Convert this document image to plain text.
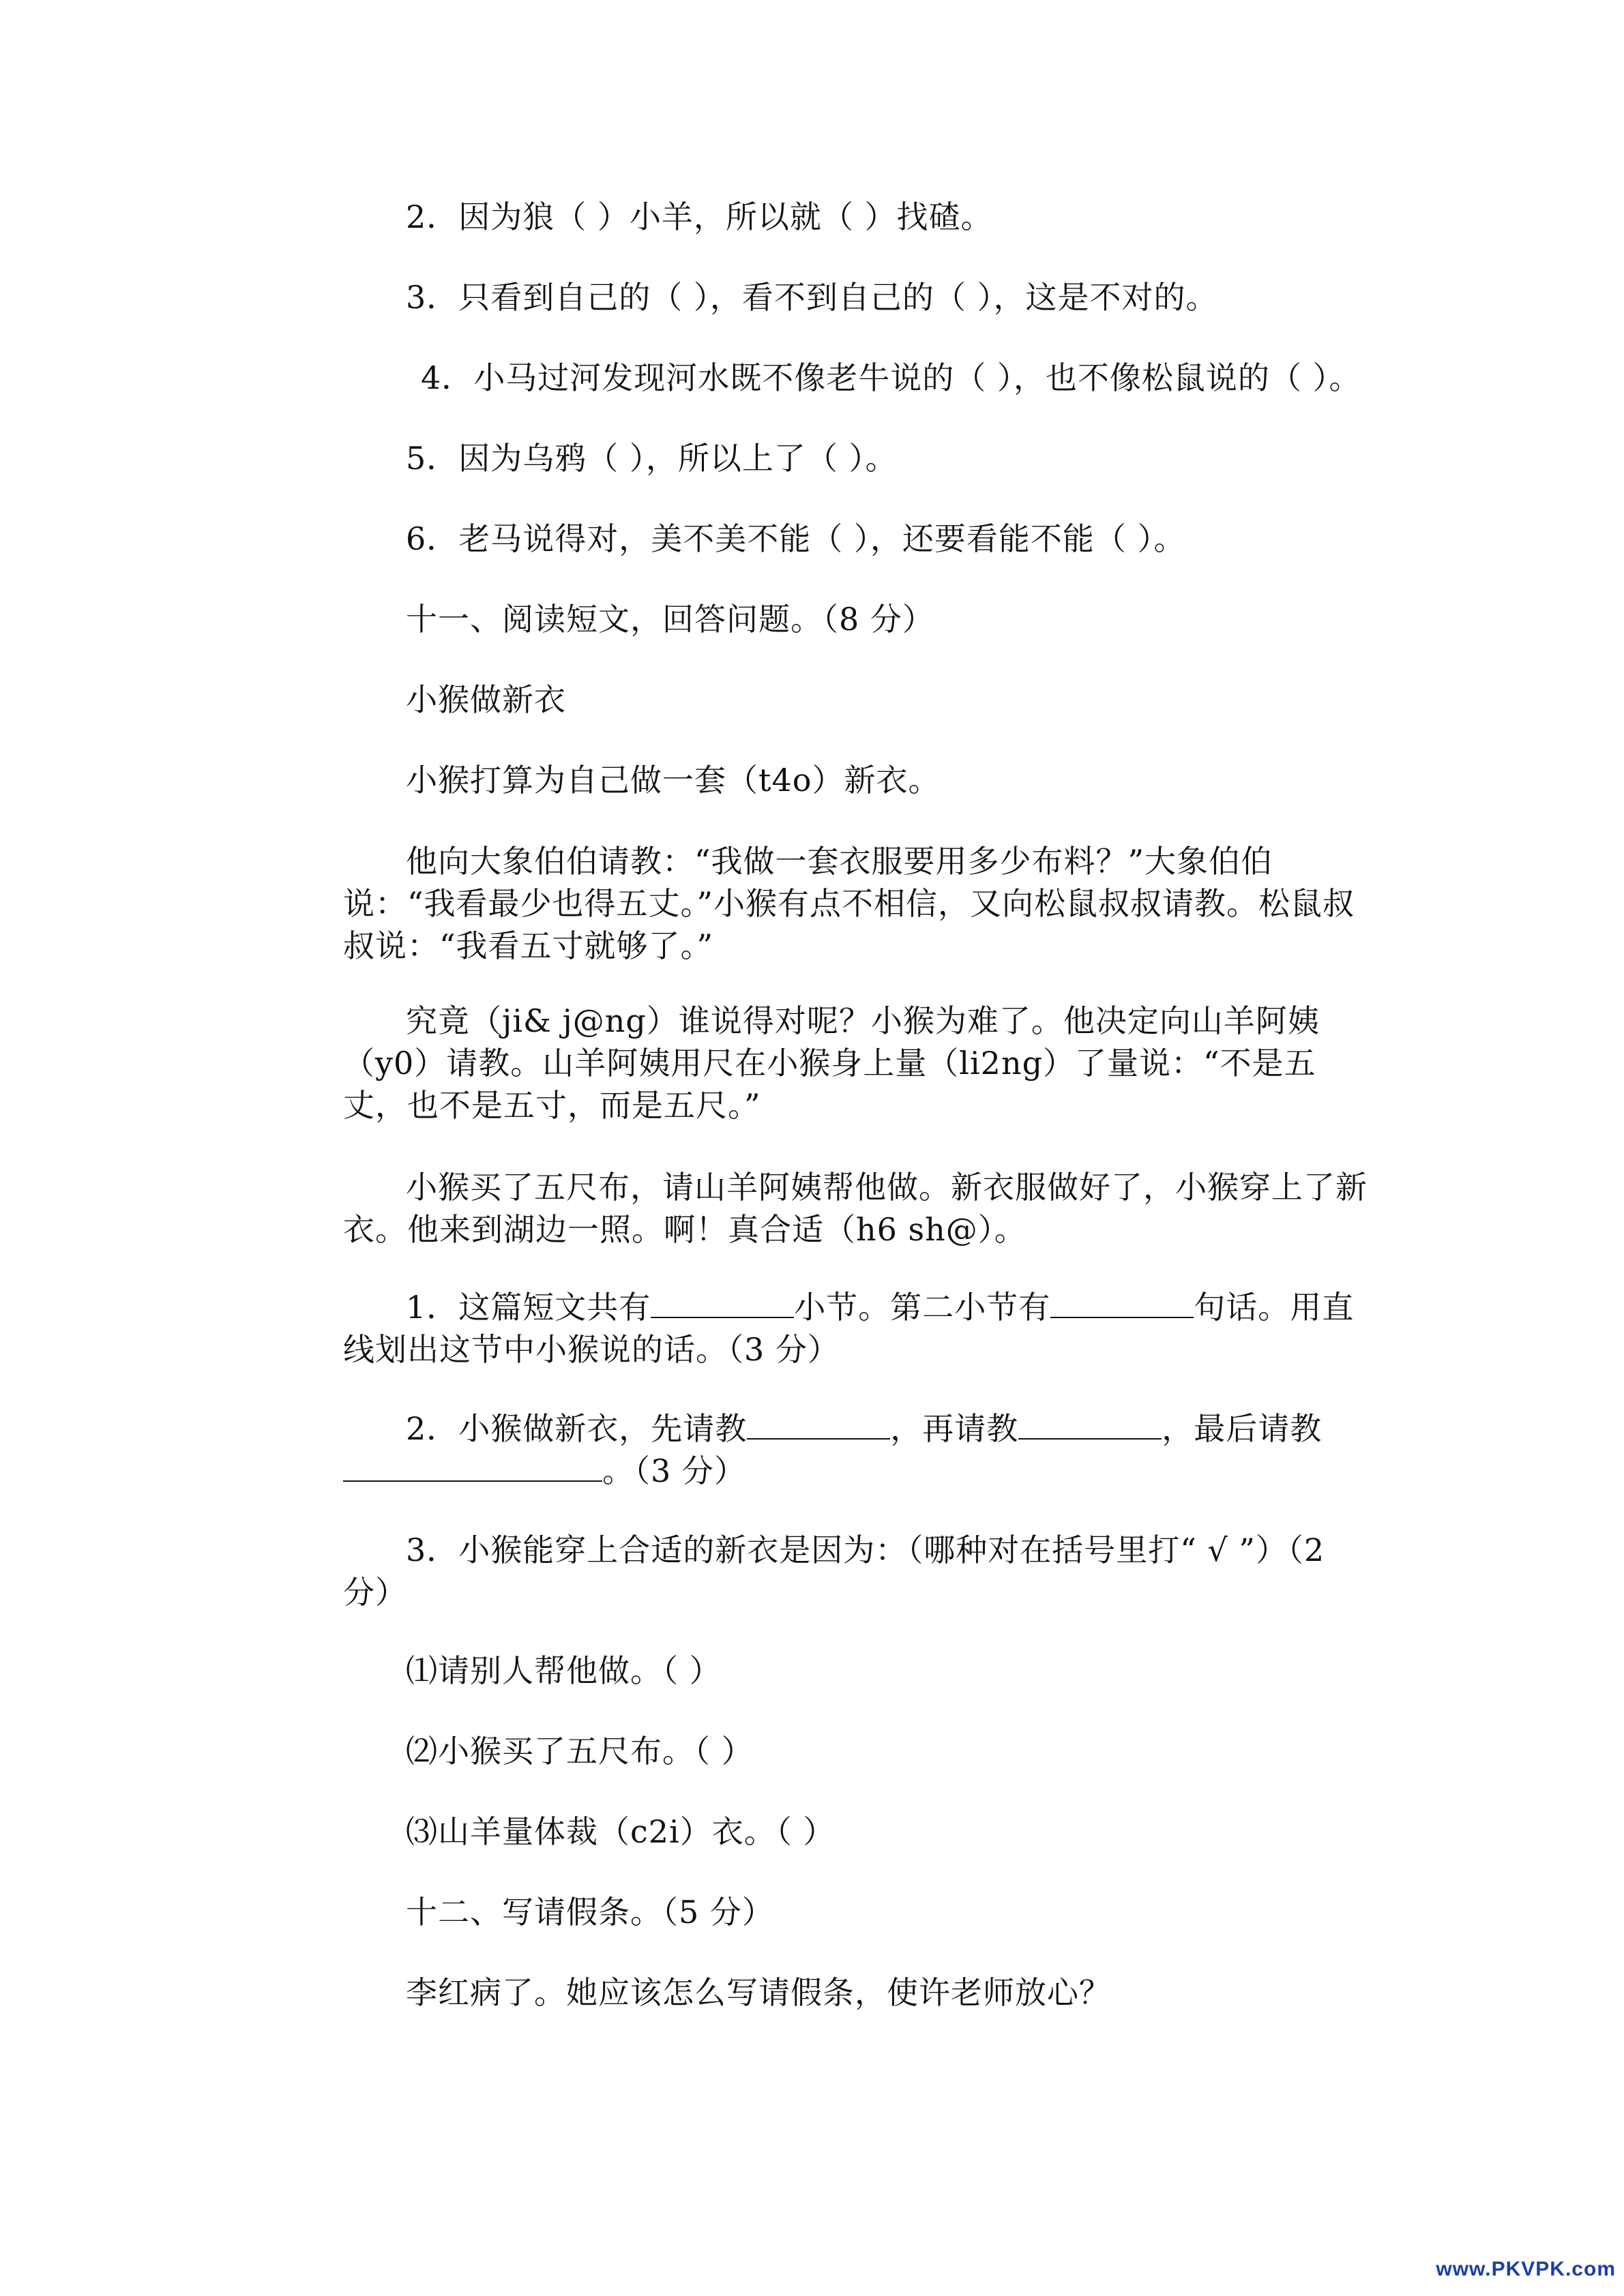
2．因为狼（ ）小羊，所以就（ ）找碴。
3．只看到自己的（ ），看不到自己的（ ），这是不对的。
4．小马过河发现河水既不像老牛说的（ ），也不像松鼠说的（ ）。
5．因为乌鸦（ ），所以上了（ ）。
6．老马说得对，美不美不能（ ），还要看能不能（ ）。
十一、阅读短文，回答问题。（8 分）
小猴做新衣
小猴打算为自己做一套（t4o）新衣。
他向大象伯伯请教：“我做一套衣服要用多少布料？”大象伯伯说：“我看最少也得五丈。”小猴有点不相信，又向松鼠叔叔请教。松鼠叔叔说：“我看五寸就够了。”
究竟（ji& j@ng）谁说得对呢？小猴为难了。他决定向山羊阿姨（y0）请教。山羊阿姨用尺在小猴身上量（li2ng）了量说：“不是五丈，也不是五寸，而是五尺。”
小猴买了五尺布，请山羊阿姨帮他做。新衣服做好了，小猴穿上了新衣。他来到湖边一照。啊！真合适（h6 sh@）。
1．这篇短文共有	小节。第二小节有	句话。用直线划出这节中小猴说的话。（3 分）
2．小猴做新衣，先请教	，再请教	，最后请教。（3 分）
3．小猴能穿上合适的新衣是因为：（哪种对在括号里打“ √ ”）（2 分）
⑴请别人帮他做。（ ）
⑵小猴买了五尺布。（ ）
⑶山羊量体裁（c2i）衣。（ ）
十二、写请假条。（5 分）
李红病了。她应该怎么写请假条，使许老师放心？
www.PKVPK.com
